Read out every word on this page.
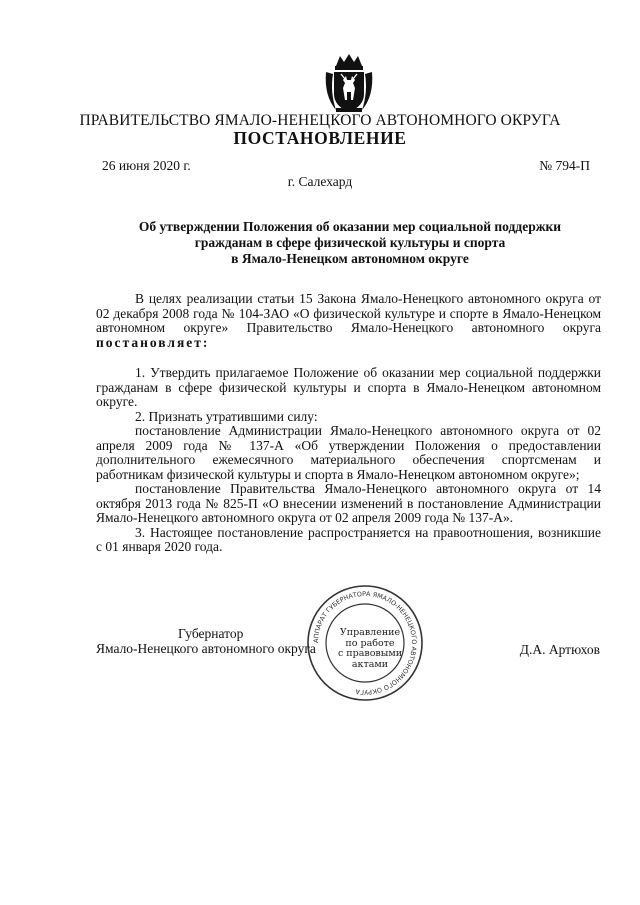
ПРАВИТЕЛЬСТВО ЯМАЛО-НЕНЕЦКОГО АВТОНОМНОГО ОКРУГА
ПОСТАНОВЛЕНИЕ
26 июня 2020 г.	№ 794-П
г. Салехард
Об утверждении Положения об оказании мер социальной поддержки
гражданам в сфере физической культуры и спорта
в Ямало-Ненецком автономном округе
В целях реализации статьи 15 Закона Ямало-Ненецкого автономного округа от 02 декабря 2008 года № 104-ЗАО «О физической культуре и спорте в Ямало-Ненецком автономном округе» Правительство Ямало-Ненецкого автономного округа постановляет:

1. Утвердить прилагаемое Положение об оказании мер социальной поддержки гражданам в сфере физической культуры и спорта в Ямало-Ненецком автономном округе.

2. Признать утратившими силу:

постановление Администрации Ямало-Ненецкого автономного округа от 02 апреля 2009 года № 137-А «Об утверждении Положения о предоставлении дополнительного ежемесячного материального обеспечения спортсменам и работникам физической культуры и спорта в Ямало-Ненецком автономном округе»;

постановление Правительства Ямало-Ненецкого автономного округа от 14 октября 2013 года № 825-П «О внесении изменений в постановление Администрации Ямало-Ненецкого автономного округа от 02 апреля 2009 года № 137-А».

3. Настоящее постановление распространяется на правоотношения, возникшие с 01 января 2020 года.

АППАРАТ ГУБЕРНАТОРА ЯМАЛО-НЕНЕЦКОГО АВТОНОМНОГО ОКРУГА
Управление
по работе
с правовыми
актами
Губернатор
Ямало-Ненецкого автономного округа	Д.А. Артюхов
